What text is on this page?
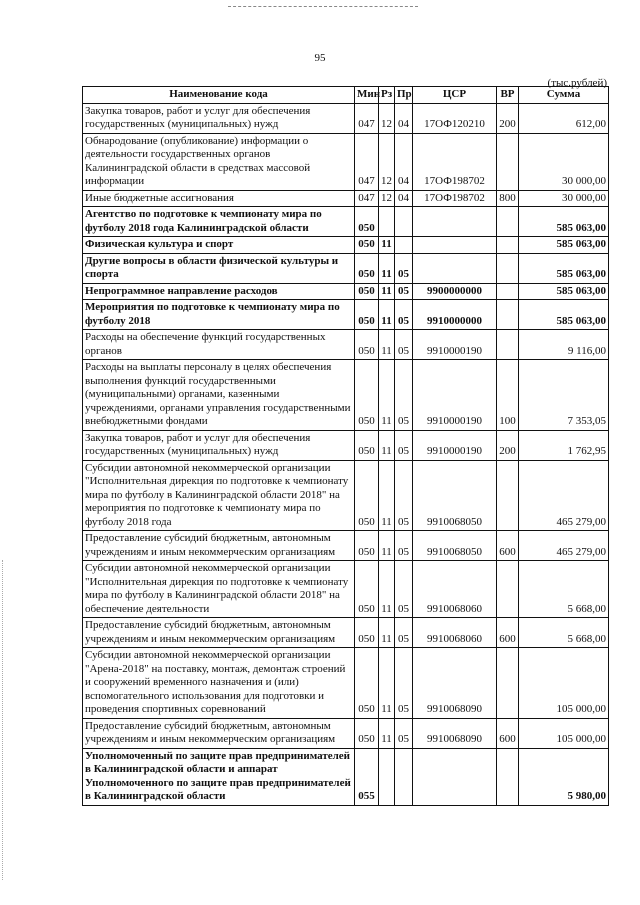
95
(тыс.рублей)
Наименование кода	Мин	Рз	Пр	ЦСР	ВР	Сумма
Закупка товаров, работ и услуг для обеспечения государственных (муниципальных) нужд	047	12	04	17ОФ120210	200	612,00
Обнародование (опубликование) информации о деятельности государственных органов Калининградской области в средствах массовой информации	047	12	04	17ОФ198702		30 000,00
Иные бюджетные ассигнования	047	12	04	17ОФ198702	800	30 000,00
Агентство по подготовке к чемпионату мира по футболу 2018 года Калининградской области	050					585 063,00
Физическая культура и спорт	050	11				585 063,00
Другие вопросы в области физической культуры и спорта	050	11	05			585 063,00
Непрограммное направление расходов	050	11	05	9900000000		585 063,00
Мероприятия по подготовке к чемпионату мира по футболу 2018	050	11	05	9910000000		585 063,00
Расходы на обеспечение функций государственных органов	050	11	05	9910000190		9 116,00
Расходы на выплаты персоналу в целях обеспечения выполнения функций государственными (муниципальными) органами, казенными учреждениями, органами управления государственными внебюджетными фондами	050	11	05	9910000190	100	7 353,05
Закупка товаров, работ и услуг для обеспечения государственных (муниципальных) нужд	050	11	05	9910000190	200	1 762,95
Субсидии автономной некоммерческой организации "Исполнительная дирекция по подготовке к чемпионату мира по футболу в Калининградской области 2018" на мероприятия по подготовке к чемпионату мира по футболу 2018 года	050	11	05	9910068050		465 279,00
Предоставление субсидий бюджетным, автономным учреждениям и иным некоммерческим организациям	050	11	05	9910068050	600	465 279,00
Субсидии автономной некоммерческой организации "Исполнительная дирекция по подготовке к чемпионату мира по футболу в Калининградской области 2018" на обеспечение деятельности	050	11	05	9910068060		5 668,00
Предоставление субсидий бюджетным, автономным учреждениям и иным некоммерческим организациям	050	11	05	9910068060	600	5 668,00
Субсидии автономной некоммерческой организации "Арена-2018" на поставку, монтаж, демонтаж строений и сооружений временного назначения и (или) вспомогательного использования для подготовки и проведения спортивных соревнований	050	11	05	9910068090		105 000,00
Предоставление субсидий бюджетным, автономным учреждениям и иным некоммерческим организациям	050	11	05	9910068090	600	105 000,00
Уполномоченный по защите прав предпринимателей в Калининградской области и аппарат Уполномоченного по защите прав предпринимателей в Калининградской области	055					5 980,00
